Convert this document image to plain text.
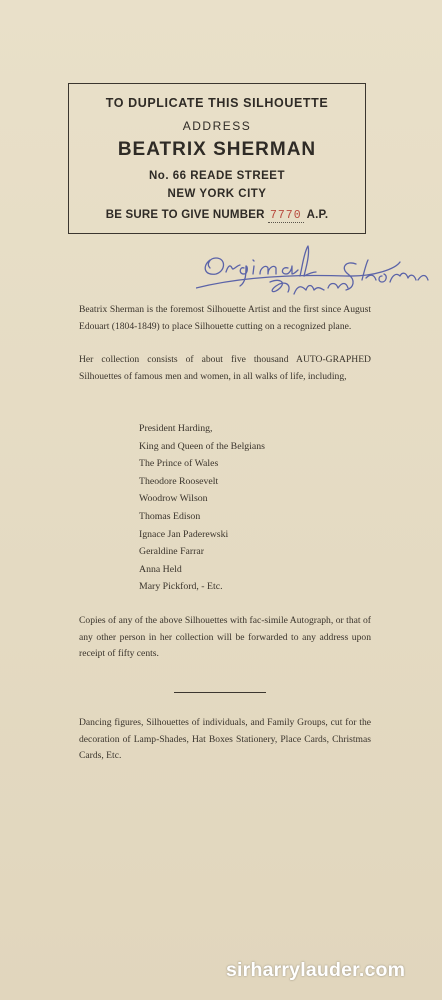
TO DUPLICATE THIS SILHOUETTE
ADDRESS
BEATRIX SHERMAN
No. 66 READE STREET
NEW YORK CITY
BE SURE TO GIVE NUMBER 7770 A.P.
Beatrix Sherman is the foremost Silhouette Artist and the first since August Edouart (1804-1849) to place Silhouette cutting on a recognized plane.
Her collection consists of about five thousand AUTO-GRAPHED Silhouettes of famous men and women, in all walks of life, including,
President Harding,
King and Queen of the Belgians
The Prince of Wales
Theodore Roosevelt
Woodrow Wilson
Thomas Edison
Ignace Jan Paderewski
Geraldine Farrar
Anna Held
Mary Pickford, - Etc.
Copies of any of the above Silhouettes with fac-simile Autograph, or that of any other person in her collection will be forwarded to any address upon receipt of fifty cents.
Dancing figures, Silhouettes of individuals, and Family Groups, cut for the decoration of Lamp-Shades, Hat Boxes Stationery, Place Cards, Christmas Cards, Etc.
sirharrylauder.com
